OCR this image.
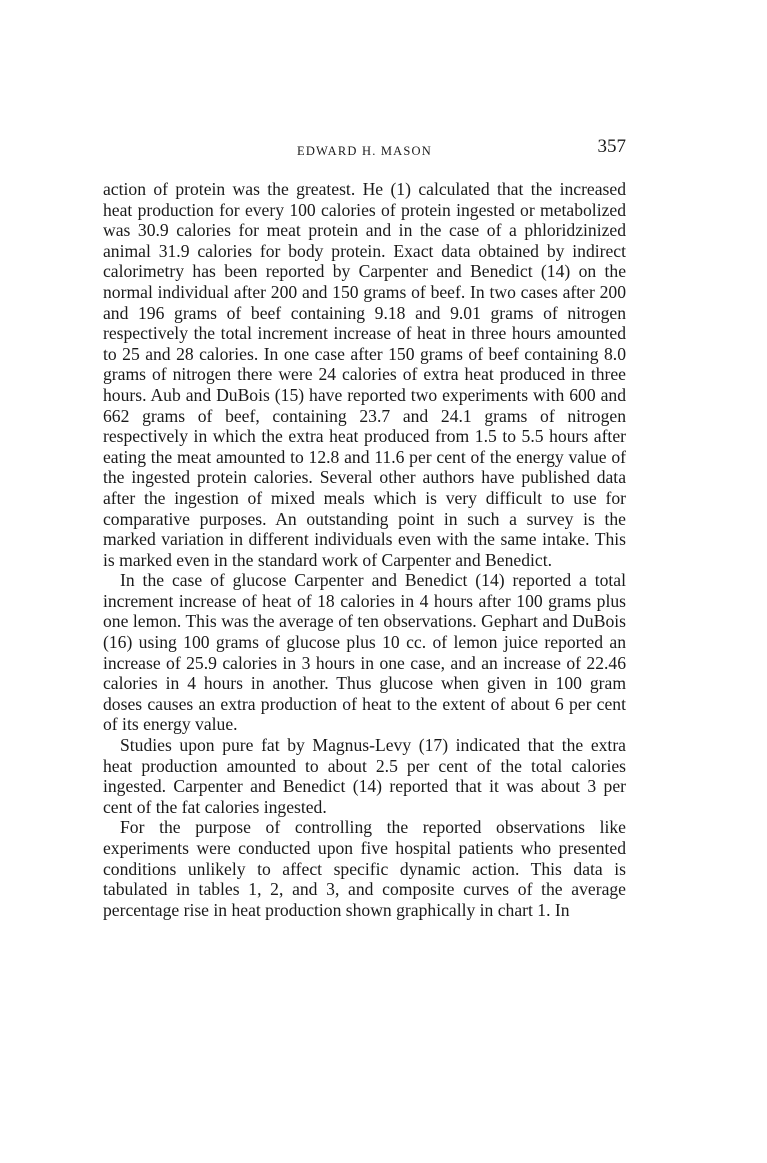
EDWARD H. MASON	357

action of protein was the greatest. He (1) calculated that the increased heat production for every 100 calories of protein ingested or metabolized was 30.9 calories for meat protein and in the case of a phloridzinized animal 31.9 calories for body protein. Exact data obtained by indirect calorimetry has been reported by Carpenter and Benedict (14) on the normal individual after 200 and 150 grams of beef. In two cases after 200 and 196 grams of beef containing 9.18 and 9.01 grams of nitrogen respectively the total increment increase of heat in three hours amounted to 25 and 28 calories. In one case after 150 grams of beef containing 8.0 grams of nitrogen there were 24 calories of extra heat produced in three hours. Aub and DuBois (15) have reported two experiments with 600 and 662 grams of beef, containing 23.7 and 24.1 grams of nitrogen respectively in which the extra heat produced from 1.5 to 5.5 hours after eating the meat amounted to 12.8 and 11.6 per cent of the energy value of the ingested protein calories. Several other authors have published data after the ingestion of mixed meals which is very difficult to use for comparative purposes. An outstanding point in such a survey is the marked variation in different individuals even with the same intake. This is marked even in the standard work of Carpenter and Benedict.

In the case of glucose Carpenter and Benedict (14) reported a total increment increase of heat of 18 calories in 4 hours after 100 grams plus one lemon. This was the average of ten observations. Gephart and DuBois (16) using 100 grams of glucose plus 10 cc. of lemon juice reported an increase of 25.9 calories in 3 hours in one case, and an increase of 22.46 calories in 4 hours in another. Thus glucose when given in 100 gram doses causes an extra production of heat to the extent of about 6 per cent of its energy value.

Studies upon pure fat by Magnus-Levy (17) indicated that the extra heat production amounted to about 2.5 per cent of the total calories ingested. Carpenter and Benedict (14) reported that it was about 3 per cent of the fat calories ingested.

For the purpose of controlling the reported observations like experiments were conducted upon five hospital patients who presented conditions unlikely to affect specific dynamic action. This data is tabulated in tables 1, 2, and 3, and composite curves of the average percentage rise in heat production shown graphically in chart 1. In
